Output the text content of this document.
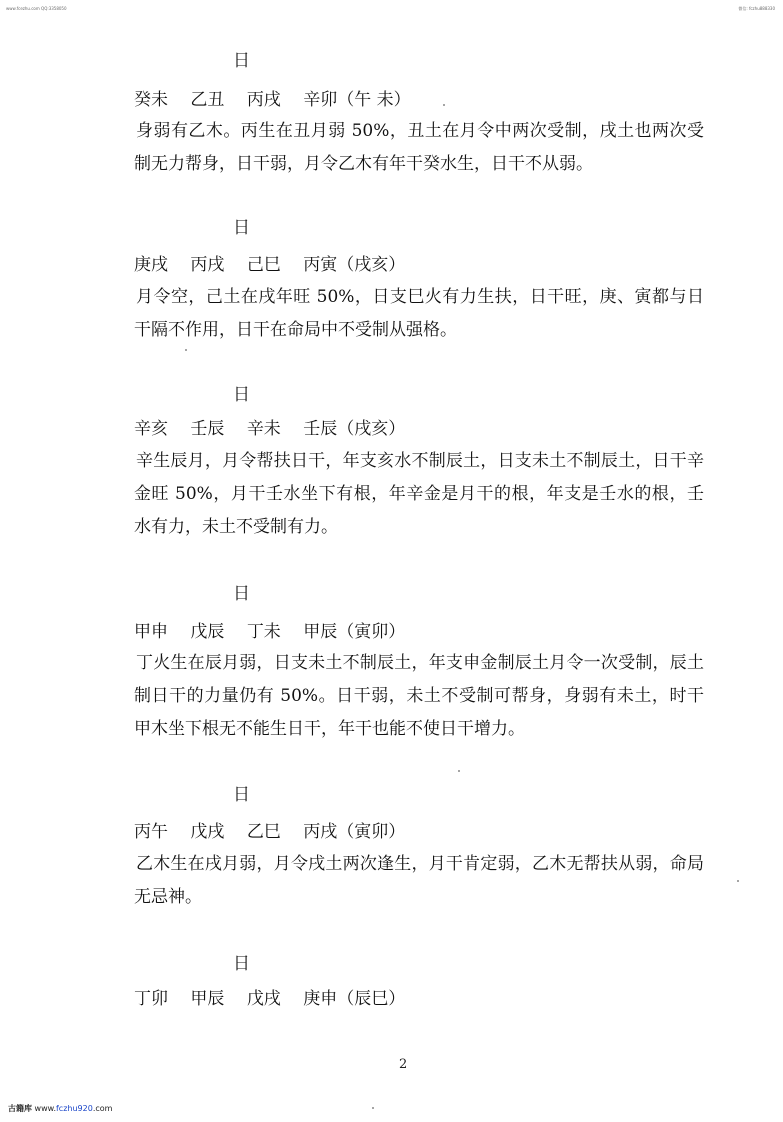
www.fcezhu.com QQ:3358050	微信: fczhu888330
日
癸未 乙丑 丙戌 辛卯（午 未）
身弱有乙木。丙生在丑月弱 50%，丑土在月令中两次受制，戌土也两次受制无力帮身，日干弱，月令乙木有年干癸水生，日干不从弱。
日
庚戌 丙戌 己巳 丙寅（戌亥）
月令空，己土在戌年旺 50%，日支巳火有力生扶，日干旺，庚、寅都与日干隔不作用，日干在命局中不受制从强格。
日
辛亥 壬辰 辛未 壬辰（戌亥）
辛生辰月，月令帮扶日干，年支亥水不制辰土，日支未土不制辰土，日干辛金旺 50%，月干壬水坐下有根，年辛金是月干的根，年支是壬水的根，壬水有力，未土不受制有力。
日
甲申 戊辰 丁未 甲辰（寅卯）
丁火生在辰月弱，日支未土不制辰土，年支申金制辰土月令一次受制，辰土制日干的力量仍有 50%。日干弱，未土不受制可帮身，身弱有未土，时干甲木坐下根无不能生日干，年干也能不使日干增力。
日
丙午 戊戌 乙巳 丙戌（寅卯）
乙木生在戌月弱，月令戌土两次逢生，月干肯定弱，乙木无帮扶从弱，命局无忌神。
日
丁卯 甲辰 戊戌 庚申（辰巳）
2
古籍库 www.fczhu920.com
